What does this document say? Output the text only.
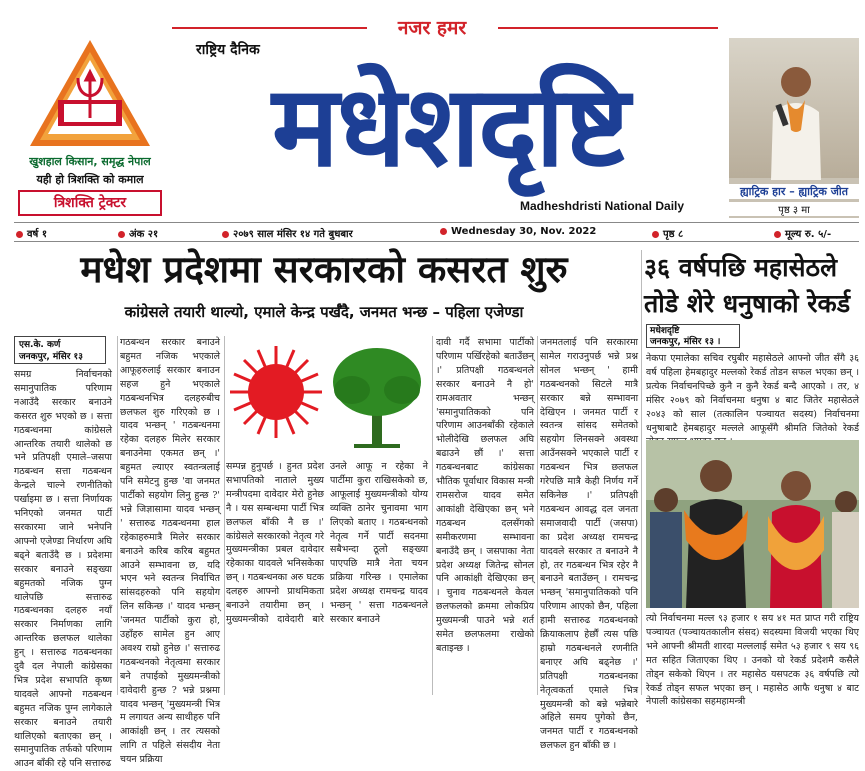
खुशहाल किसान, समृद्ध नेपाल
यही हो त्रिशक्ति को कमाल
त्रिशक्ति ट्रेक्टर
नजर हमर
मधेशदृष्टि
राष्ट्रिय दैनिक
Madheshdristi National Daily
ह्याट्रिक हार – ह्याट्रिक जीत
पृष्ठ ३ मा
वर्ष १	अंक २१	२०७९ साल मंसिर १४ गते बुधबार	Wednesday 30, Nov. 2022	पृष्ठ ८	मूल्य रु. ५/-
मधेश प्रदेशमा सरकारको कसरत शुरु
कांग्रेसले तयारी थाल्यो, एमाले केन्द्र पर्खँदै, जनमत भन्छ – पहिला एजेण्डा
३६ वर्षपछि महासेठले तोडे शेरे धनुषाको रेकर्ड
एस.के. कर्ण
जनकपुर, मंसिर १३
समग्र निर्वाचनको समानुपातिक परिणाम नआउँदै सरकार बनाउने कसरत शुरु भएको छ । सत्ता गठबन्धनमा कांग्रेसले आन्तरिक तयारी थालेको छ भने प्रतिपक्षी एमाले–जसपा गठबन्धन सत्ता गठबन्धन केन्द्रले चाल्ने रणनीतिको पर्खाइमा छ । सत्ता निर्णायक भनिएको जनमत पार्टी सरकारमा जाने भनेपनि आफ्नो एजेण्डा निर्धारण अघि बढ्ने बताउँदै छ । प्रदेशमा सरकार बनाउने सङ्ख्या बहुमतको नजिक पुग्न थालेपछि सत्तारुढ गठबन्धनका दलहरु नयाँ सरकार निर्माणका लागि आन्तरिक छलफल थालेका हुन् । सत्तारुढ गठबन्धनका दुवै दल नेपाली कांग्रेसका भित्र प्रदेश सभापति कृष्ण यादवले आफ्नो गठबन्धन बहुमत नजिक पुग्न लागेकाले सरकार बनाउने तयारी थालिएको बताएका छन् । समानुपातिक तर्फको परिणाम आउन बाँकी रहे पनि सत्तारुढ
गठबन्धन सरकार बनाउने बहुमत नजिक भएकाले आफूहरुलाई सरकार बनाउन सहज हुने भएकाले गठबन्धनभित्र दलहरुबीच छलफल शुरु गरिएको छ । यादव भन्छन् ' गठबन्धनमा रहेका दलहरु मिलेर सरकार बनाउनेमा एकमत छन् ।' बहुमत ल्याएर स्वतन्त्रलाई पनि समेटनु हुन्छ 'वा जनमत पार्टीको सहयोग लिनु हुन्छ ?' भन्ने जिज्ञासामा यादव भन्छन् ' सत्तारुढ गठबन्धनमा हाल रहेकाहरुमात्रै मिलेर सरकार बनाउने करिब करिब बहुमत आउने सम्भावना छ, यदि भएन भने स्वतन्त्र निर्वाचित सांसदहरुको पनि सहयोग लिन सकिन्छ ।' यादव भन्छन् 'जनमत पार्टीको कुरा हो, उहाँहरु सामेल हुन आए अवश्य राम्रो हुनेछ ।' सत्तारुढ गठबन्धनको नेतृत्वमा सरकार बने तपाईको मुख्यमन्त्रीको दावेदारी हुन्छ ? भन्ने प्रश्नमा यादव भन्छन् 'मुख्यमन्त्री भित्र म लगायत अन्य साथीहरु पनि आकांक्षी छन् । तर त्यसको लागि त पहिले संसदीय नेता चयन प्रक्रिया
सम्पन्न हुनुपर्छ । हुनत प्रदेश सभापतिको नाताले मुख्य मन्त्रीपदमा दावेदार मेरो हुनेछ नै । यस सम्बन्धमा पार्टी भित्र छलफल बाँकी नै छ ।' कांग्रेसले सरकारको नेतृत्व गरे मुख्यमन्त्रीका प्रबल दावेदार रहेकाका यादवले भनिसकेका छन् । गठबन्धनका अरु घटक दलहरु आफ्नो प्राथमिकता बनाउने तयारीमा छन् । मुख्यमन्त्रीको दावेदारी बारे उनले आफू न रहेका ने पार्टीमा कुरा राखिसकेको छ, आफूलाई मुख्यमन्त्रीको योग्य व्यक्ति ठानेर चुनावमा भाग लिएको बताए । गठबन्धनको नेतृत्व गर्ने पार्टी सदनमा सबैभन्दा ठूलो सङ्ख्या पाएपछि मात्रै नेता चयन प्रक्रिया गरिन्छ । एमालेका प्रदेश अध्यक्ष रामचन्द्र यादव भन्छन् ' सत्ता गठबन्धनले सरकार बनाउने
दावी गर्दै सभामा पार्टीको परिणाम पर्खिरहेको बताउँछन् ।' प्रतिपक्षी गठबन्धनले सरकार बनाउने नै हो' रामअवतार भन्छन् 'समानुपातिकको पनि परिणाम आउनबाँकी रहेकाले भोलीदेखि छलफल अघि बढाउने छौं ।' सत्ता गठबन्धनबाट कांग्रेसका भौतिक पूर्वाधार विकास मन्त्री रामसरोज यादव समेत आकांक्षी देखिएका छन् भने गठबन्धन दलसँगको समीकरणमा सम्भावना बनाउँदै छन् । जसपाका नेता प्रदेश अध्यक्ष जितेन्द्र सोनल पनि आकांक्षी देखिएका छन् । चुनाव गठबन्धनले केवल छलफलको क्रममा लोकप्रिय मुख्यमन्त्री पाउने भन्ने शर्त समेत छलफलमा राखेको बताइन्छ ।
जनमतलाई पनि सरकारमा सामेल गराउनुपर्छ भन्ने प्रश्न सोनल भन्छन् ' हामी गठबन्धनको सिटले मात्रै सरकार बन्ने सम्भावना देखिएन । जनमत पार्टी र स्वतन्त्र सांसद समेतको सहयोग लिनसक्ने अवस्था आउँनसक्ने भएकाले पार्टी र गठबन्धन भित्र छलफल गरेपछि मात्रै केही निर्णय गर्ने सकिनेछ ।' प्रतिपक्षी गठबन्धन आवद्ध दल जनता समाजवादी पार्टी (जसपा) का प्रदेश अध्यक्ष रामचन्द्र यादवले सरकार त बनाउने नै हो, तर गठबन्धन भित्र रहेर नै बनाउने बताउँछन् । रामचन्द्र भन्छन् 'समानुपातिकको पनि परिणाम आएको छैन, पहिला हामी सत्तारुढ गठबन्धनको क्रियाकलाप हेर्छौं त्यस पछि हाम्रो गठबन्धनले रणनीति बनाएर अघि बढ्नेछ ।' प्रतिपक्षी गठबन्धनका नेतृत्वकर्ता एमाले भित्र मुख्यमन्त्री को बन्ने भन्नेबारे अहिले समय पुगेको छैन, जनमत पार्टी र गठबन्धनको छलफल हुन बाँकी छ ।
मधेशदृष्टि
जनकपुर, मंसिर १३ ।
नेकपा एमालेका सचिव रघुबीर महासेठले आफ्नो जीत सँगै ३६ वर्ष पहिला हेमबहादुर मल्लको रेकर्ड तोडन सफल भएका छन् । प्रत्येक निर्वाचनपिच्छे कुनै न कुनै रेकर्ड बन्दै आएको । तर, ४ मंसिर २०७९ को निर्वाचनमा धनुषा ४ बाट जितेर महासेठले २०४३ को साल (तत्कालिन पञ्चायत सदस्य) निर्वाचनमा धनुषाबाटै हेमबहादुर मल्लले आफूसँगै श्रीमति जितेको रेकर्ड
त्यो निर्वाचनमा मल्ल ९३ हजार १ सय ४१ मत प्राप्त गरी राष्ट्रिय पञ्चायत (पञ्चायतकालीन संसद) सदस्यमा विजयी भएका थिए भने आफ्नी श्रीमती शारदा मल्ललाई समेत ५३ हजार ९ सय ९६ मत सहित जिताएका थिए । उनको यो रेकर्ड प्रदेशमै कसैले तोड्न सकेको थिएन । तर महासेठ यसपटक ३६ वर्षपछि त्यो रेकर्ड तोड्न सफल भएका छन् । महासेठ आफै धनुषा ४ बाट नेपाली कांग्रेसका सहमहामन्त्री
